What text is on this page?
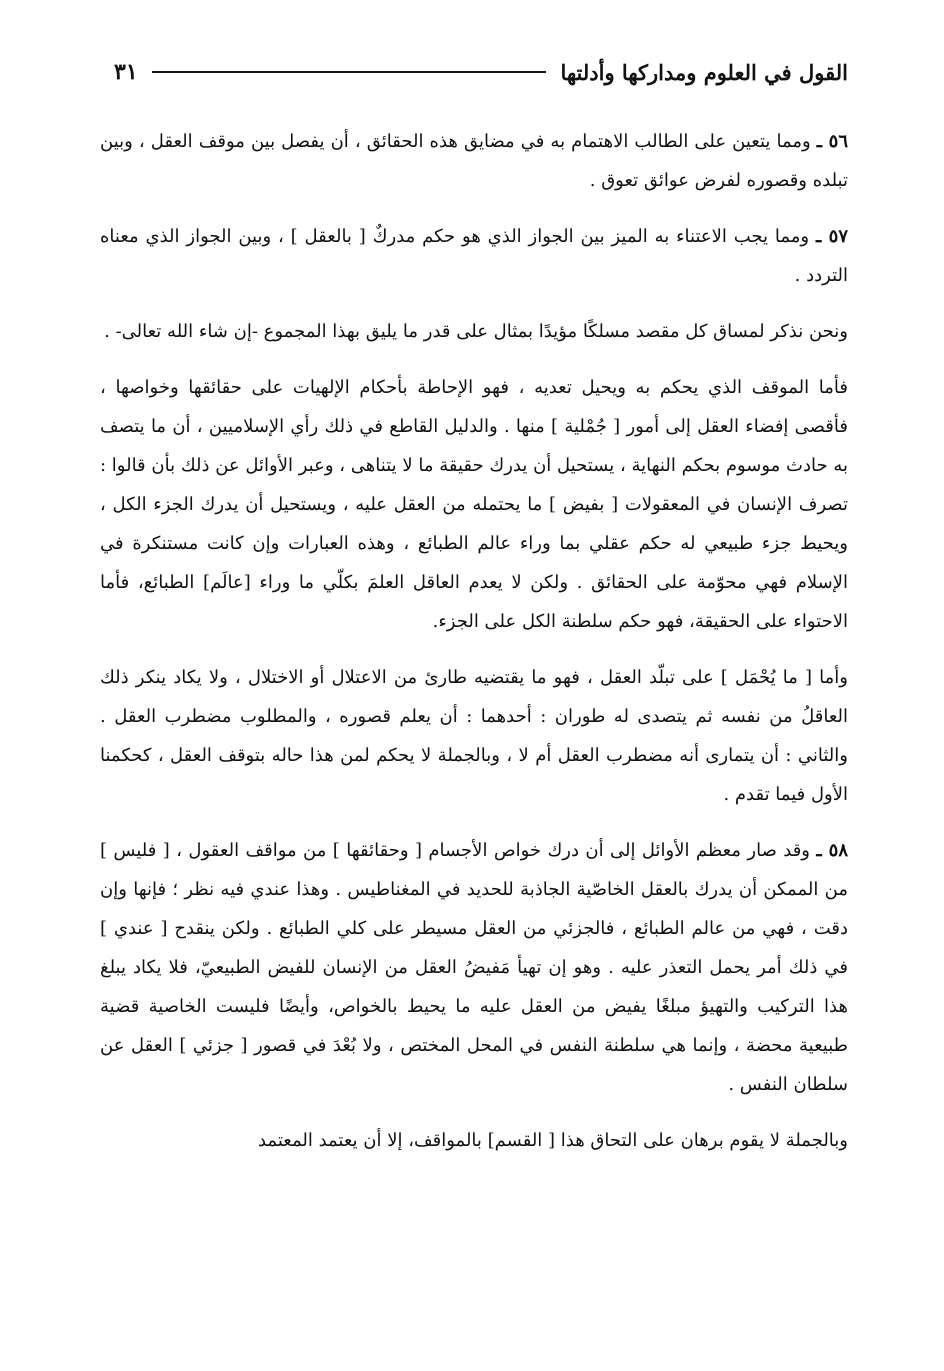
القول في العلوم ومداركها وأدلتها
٣١

٥٦ ـ ومما يتعين على الطالب الاهتمام به في مضايق هذه الحقائق ، أن يفصل بين موقف العقل ، وبين تبلده وقصوره لفرض عوائق تعوق .

٥٧ ـ ومما يجب الاعتناء به الميز بين الجواز الذي هو حكم مدركٌ [ بالعقل ] ، وبين الجواز الذي معناه التردد .

ونحن نذكر لمساق كل مقصد مسلكًا مؤيدًا بمثال على قدر ما يليق بهذا المجموع -إن شاء الله تعالى- .

فأما الموقف الذي يحكم به ويحيل تعديه ، فهو الإحاطة بأحكام الإلهيات على حقائقها وخواصها ، فأقصى إفضاء العقل إلى أمور [ جُمْلية ] منها . والدليل القاطع في ذلك رأي الإسلاميين ، أن ما يتصف به حادث موسوم بحكم النهاية ، يستحيل أن يدرك حقيقة ما لا يتناهى ، وعبر الأوائل عن ذلك بأن قالوا : تصرف الإنسان في المعقولات [ بفيض ] ما يحتمله من العقل عليه ، ويستحيل أن يدرك الجزء الكل ، ويحيط جزء طبيعي له حكم عقلي بما وراء عالم الطبائع ، وهذه العبارات وإن كانت مستنكرة في الإسلام فهي محوّمة على الحقائق . ولكن لا يعدم العاقل العلمَ بكلّي ما وراء [عالَم] الطبائع، فأما الاحتواء على الحقيقة، فهو حكم سلطنة الكل على الجزء.

وأما [ ما يُحْمَل ] على تبلّد العقل ، فهو ما يقتضيه طارئ من الاعتلال أو الاختلال ، ولا يكاد ينكر ذلك العاقلُ من نفسه ثم يتصدى له طوران : أحدهما : أن يعلم قصوره ، والمطلوب مضطرب العقل . والثاني : أن يتمارى أنه مضطرب العقل أم لا ، وبالجملة لا يحكم لمن هذا حاله بتوقف العقل ، كحكمنا الأول فيما تقدم .

٥٨ ـ وقد صار معظم الأوائل إلى أن درك خواص الأجسام [ وحقائقها ] من مواقف العقول ، [ فليس ] من الممكن أن يدرك بالعقل الخاصّية الجاذبة للحديد في المغناطيس . وهذا عندي فيه نظر ؛ فإنها وإن دقت ، فهي من عالم الطبائع ، فالجزئي من العقل مسيطر على كلي الطبائع . ولكن ينقدح [ عندي ] في ذلك أمر يحمل التعذر عليه . وهو إن تهيأ مَفيضُ العقل من الإنسان للفيض الطبيعيّ، فلا يكاد يبلغ هذا التركيب والتهيؤ مبلغًا يفيض من العقل عليه ما يحيط بالخواص، وأيضًا فليست الخاصية قضية طبيعية محضة ، وإنما هي سلطنة النفس في المحل المختص ، ولا بُعْدَ في قصور [ جزئي ] العقل عن سلطان النفس .

وبالجملة لا يقوم برهان على التحاق هذا [ القسم] بالمواقف، إلا أن يعتمد المعتمد
